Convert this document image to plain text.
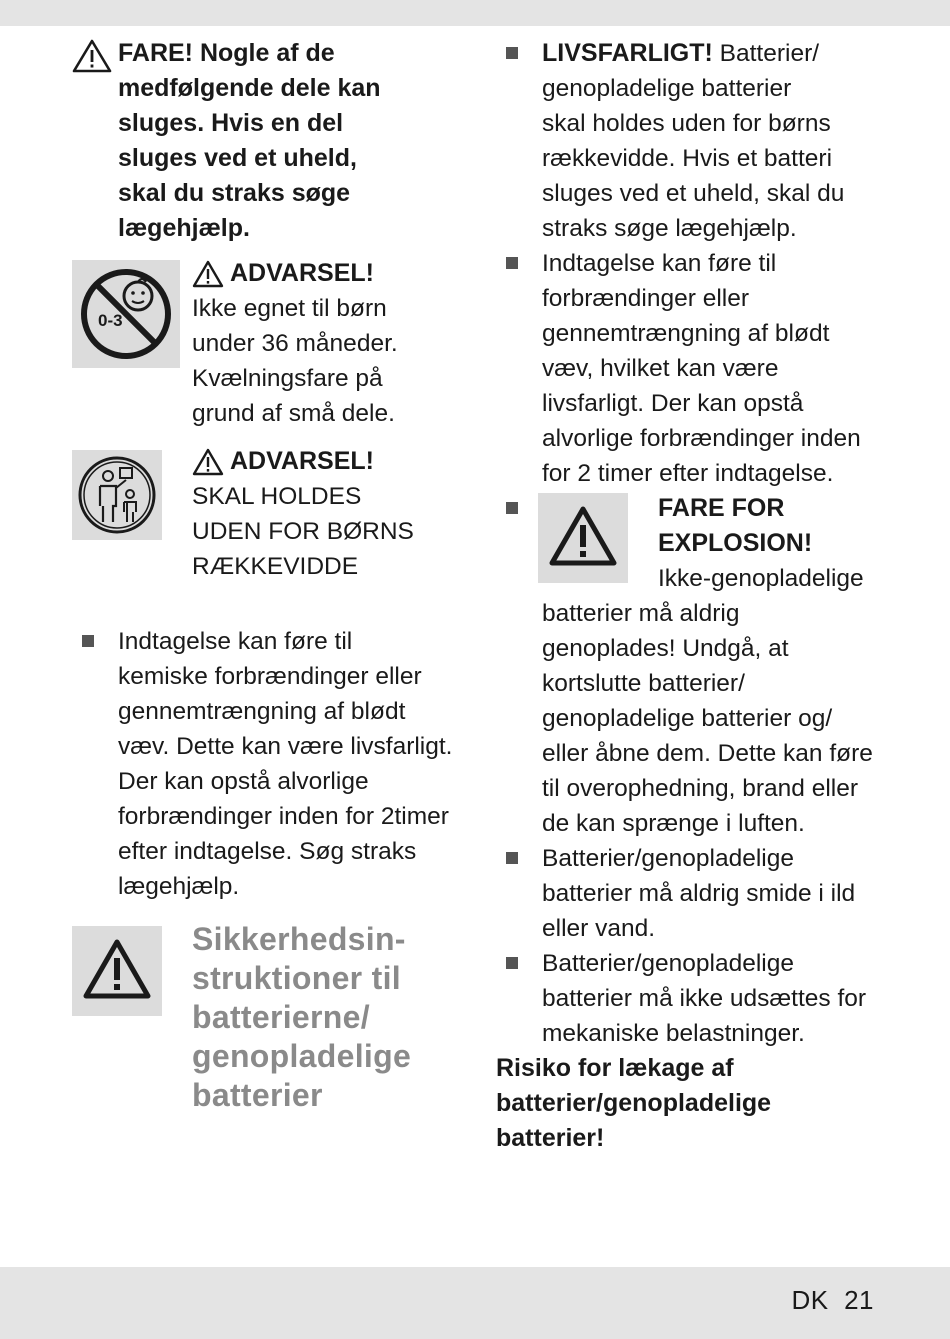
FARE! Nogle af de
medfølgende dele kan
sluges. Hvis en del
sluges ved et uheld,
skal du straks søge
lægehjælp.
0-3
ADVARSEL!
Ikke egnet til børn
under 36 måneder.
Kvælningsfare på
grund af små dele.
ADVARSEL!
SKAL HOLDES
UDEN FOR BØRNS
RÆKKEVIDDE
Indtagelse kan føre til
kemiske forbrændinger eller
gennemtrængning af blødt
væv. Dette kan være livsfarligt.
Der kan opstå alvorlige
forbrændinger inden for 2timer
efter indtagelse. Søg straks
lægehjælp.
Sikkerhedsin-
struktioner til
batterierne/
genopladelige
batterier
LIVSFARLIGT! Batterier/
genopladelige batterier
skal holdes uden for børns
rækkevidde. Hvis et batteri
sluges ved et uheld, skal du
straks søge lægehjælp.
Indtagelse kan føre til
forbrændinger eller
gennemtrængning af blødt
væv, hvilket kan være
livsfarligt. Der kan opstå
alvorlige forbrændinger inden
for 2 timer efter indtagelse.
FARE FOR
EXPLOSION!
Ikke-genopladelige
batterier må aldrig
genoplades! Undgå, at
kortslutte batterier/
genopladelige batterier og/
eller åbne dem. Dette kan føre
til overophedning, brand eller
de kan sprænge i luften.
Batterier/genopladelige
batterier må aldrig smide i ild
eller vand.
Batterier/genopladelige
batterier må ikke udsættes for
mekaniske belastninger.
Risiko for lækage af
batterier/genopladelige
batterier!
DK 21
